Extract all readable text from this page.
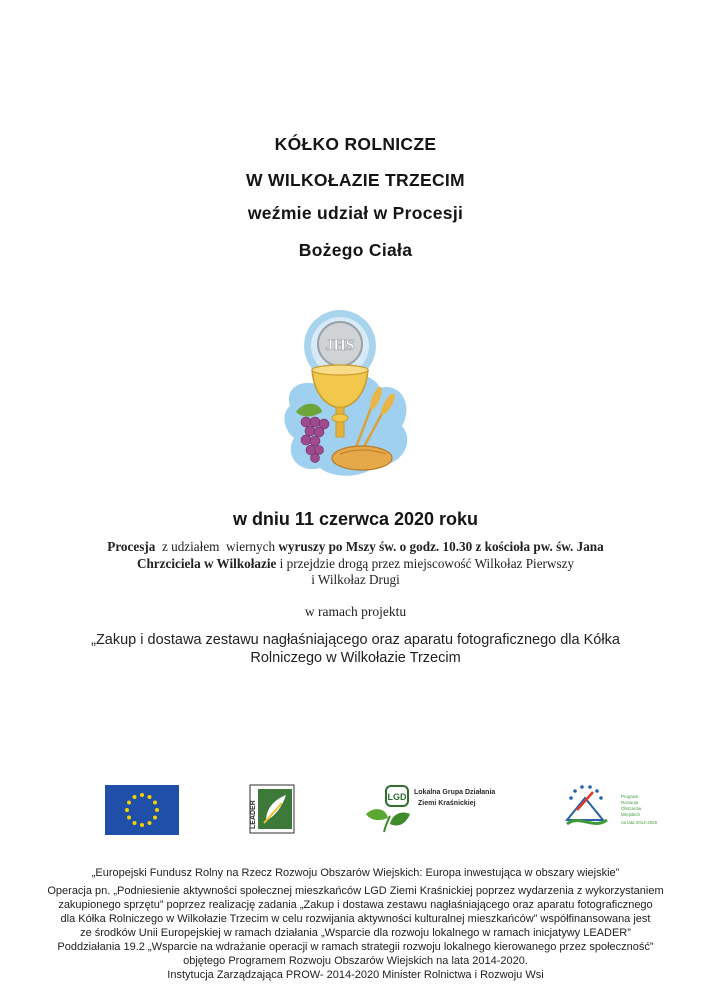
KÓŁKO ROLNICZE
W WILKOŁAZIE TRZECIM
weźmie udział w Procesji
Bożego Ciała
JHS
w dniu 11 czerwca 2020 roku
Procesja  z udziałem  wiernych wyruszy po Mszy św. o godz. 10.30 z kościoła pw. św. Jana
Chrzciciela w Wilkołazie i przejdzie drogą przez miejscowość Wilkołaz Pierwszy
i Wilkołaz Drugi
w ramach projektu
„Zakup i dostawa zestawu nagłaśniającego oraz aparatu fotograficznego dla Kółka
Rolniczego w Wilkołazie Trzecim
LEADER
LGD Lokalna Grupa Działania
Ziemi Kraśnickiej
Program
Rozwoju
Obszarów
Wiejskich
na lata 2014-2020
„Europejski Fundusz Rolny na Rzecz Rozwoju Obszarów Wiejskich: Europa inwestująca w obszary wiejskie”
Operacja pn. „Podniesienie aktywności społecznej mieszkańców LGD Ziemi Kraśnickiej poprzez wydarzenia z wykorzystaniem
zakupionego sprzętu” poprzez realizację zadania „Zakup i dostawa zestawu nagłaśniającego oraz aparatu fotograficznego
dla Kółka Rolniczego w Wilkołazie Trzecim w celu rozwijania aktywności kulturalnej mieszkańców” współfinansowana jest
ze środków Unii Europejskiej w ramach działania „Wsparcie dla rozwoju lokalnego w ramach inicjatywy LEADER”
Poddziałania 19.2 „Wsparcie na wdrażanie operacji w ramach strategii rozwoju lokalnego kierowanego przez społeczność”
objętego Programem Rozwoju Obszarów Wiejskich na lata 2014-2020.
Instytucja Zarządzająca PROW- 2014-2020 Minister Rolnictwa i Rozwoju Wsi
